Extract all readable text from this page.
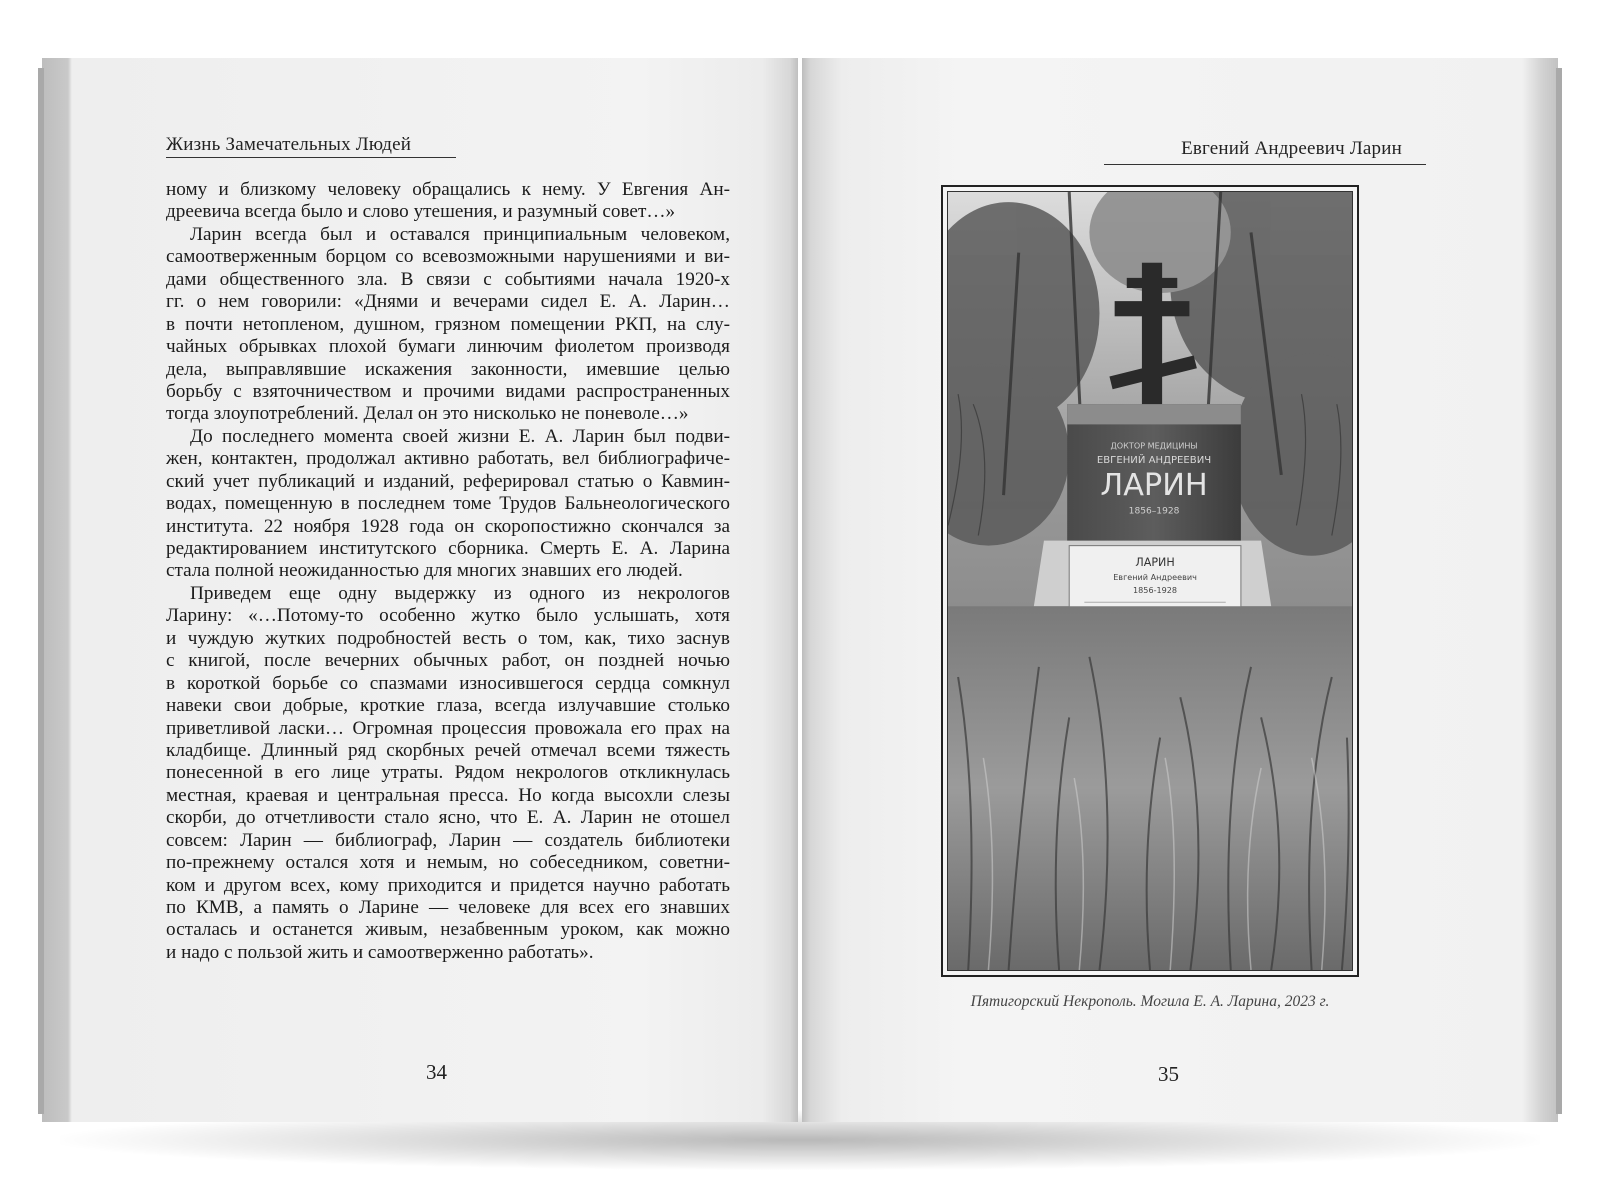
Жизнь Замечательных Людей	Евгений Андреевич Ларин
ному и близкому человеку обращались к нему. У Евгения Ан-
дреевича всегда было и слово утешения, и разумный совет…»
Ларин всегда был и оставался принципиальным человеком,
самоотверженным борцом со всевозможными нарушениями и ви-
дами общественного зла. В связи с событиями начала 1920-х
гг. о нем говорили: «Днями и вечерами сидел Е. А. Ларин…
в почти нетопленом, душном, грязном помещении РКП, на слу-
чайных обрывках плохой бумаги линючим фиолетом производя
дела, выправлявшие искажения законности, имевшие целью
борьбу с взяточничеством и прочими видами распространенных
тогда злоупотреблений. Делал он это нисколько не поневоле…»
До последнего момента своей жизни Е. А. Ларин был подви-
жен, контактен, продолжал активно работать, вел библиографиче-
ский учет публикаций и изданий, реферировал статью о Кавмин-
водах, помещенную в последнем томе Трудов Бальнеологического
института. 22 ноября 1928 года он скоропостижно скончался за
редактированием институтского сборника. Смерть Е. А. Ларина
стала полной неожиданностью для многих знавших его людей.
Приведем еще одну выдержку из одного из некрологов
Ларину: «…Потому-то особенно жутко было услышать, хотя
и чуждую жутких подробностей весть о том, как, тихо заснув
с книгой, после вечерних обычных работ, он поздней ночью
в короткой борьбе со спазмами износившегося сердца сомкнул
навеки свои добрые, кроткие глаза, всегда излучавшие столько
приветливой ласки… Огромная процессия провожала его прах на
кладбище. Длинный ряд скорбных речей отмечал всеми тяжесть
понесенной в его лице утраты. Рядом некрологов откликнулась
местная, краевая и центральная пресса. Но когда высохли слезы
скорби, до отчетливости стало ясно, что Е. А. Ларин не отошел
совсем: Ларин — библиограф, Ларин — создатель библиотеки
по-прежнему остался хотя и немым, но собеседником, советни-
ком и другом всех, кому приходится и придется научно работать
по КМВ, а память о Ларине — человеке для всех его знавших
осталась и останется живым, незабвенным уроком, как можно
и надо с пользой жить и самоотверженно работать».
34	35
ДОКТОР МЕДИЦИНЫ
ЕВГЕНИЙ АНДРЕЕВИЧ
ЛАРИН
1856–1928
ЛАРИН
Евгений Андреевич
1856-1928
Пятигорский Некрополь. Могила Е. А. Ларина, 2023 г.
